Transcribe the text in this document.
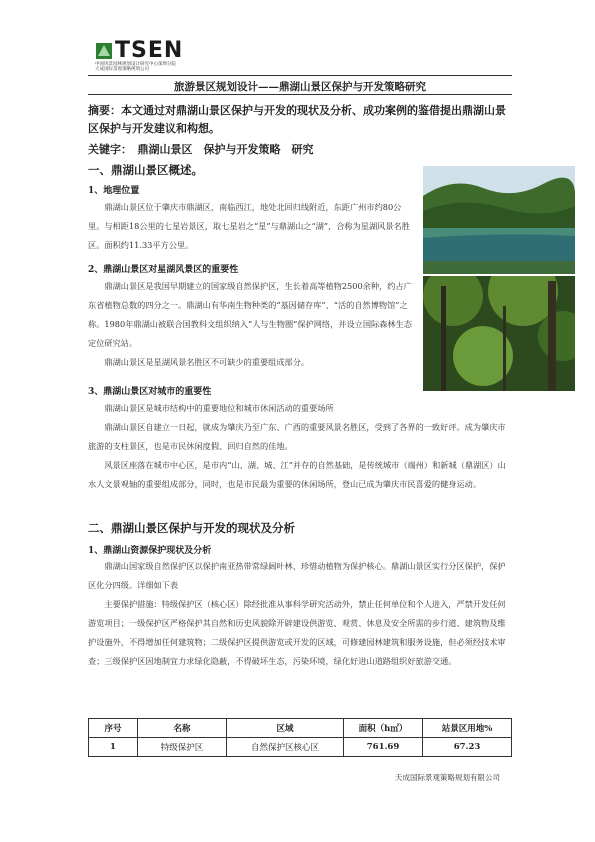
TSEN
中国风景园林规划设计研究中心深圳分院
天成国际景观策略规划公司
旅游景区规划设计——鼎湖山景区保护与开发策略研究
摘要：本文通过对鼎湖山景区保护与开发的现状及分析、成功案例的鉴借提出鼎湖山景区保护与开发建议和构想。
关键字：　鼎湖山景区　保护与开发策略　研究
一、鼎湖山景区概述。
1、地理位置

鼎湖山景区位于肇庆市鼎湖区，南临西江，地处北回归线附近，东距广州市约80公里。与相距18公里的七星岩景区，取七星岩之“星”与鼎湖山之“湖”，合称为星湖风景名胜区。面积约11.33平方公里。

2、鼎湖山景区对星湖风景区的重要性

鼎湖山景区是我国早期建立的国家级自然保护区，生长着高等植物2500余种，约占广东省植物总数的四分之一。鼎湖山有华南生物种类的“基因储存库”、“活的自然博物馆”之称。1980年鼎湖山被联合国教科文组织纳入“人与生物圈”保护网络，并设立国际森林生态定位研究站。

鼎湖山景区是星湖风景名胜区不可缺少的重要组成部分。

3、鼎湖山景区对城市的重要性

鼎湖山景区是城市结构中的重要地位和城市休闲活动的重要场所

鼎湖山景区自建立一日起，就成为肇庆乃至广东、广西的重要风景名胜区，受到了各界的一致好评。成为肇庆市旅游的支柱景区，也是市民休闲度假、回归自然的佳地。

风景区座落在城市中心区，是市内“山、湖、城、江”并存的自然基础，是传统城市（端州）和新城（鼎湖区）山水人文景观轴的重要组成部分，同时，也是市民最为重要的休闲场所，登山已成为肇庆市民喜爱的健身运动。

二、鼎湖山景区保护与开发的现状及分析
1、鼎湖山资源保护现状及分析

鼎湖山国家级自然保护区以保护南亚热带常绿阔叶林、珍惜动植物为保护核心。鼎湖山景区实行分区保护，保护区化分四级。详细如下表

主要保护措施：特级保护区（核心区）除经批准从事科学研究活动外，禁止任何单位和个人进入，严禁开发任何游览项目；一级保护区严格保护其自然和历史风貌除开辟建设供游览、观赏、休息及安全所需的步行道、建筑物及维护设施外，不得增加任何建筑物；二级保护区提供游览或开发的区域，可修建园林建筑和服务设施，但必须经技术审查；三级保护区因地制宜力求绿化隐蔽，不得破坏生态，污染环境，绿化好进山道路组织好旅游交通。

序号	名称	区域	面积（h㎡）	站景区用地%
1	特级保护区	自然保护区核心区	761.69	67.23
天成国际景观策略规划有限公司
